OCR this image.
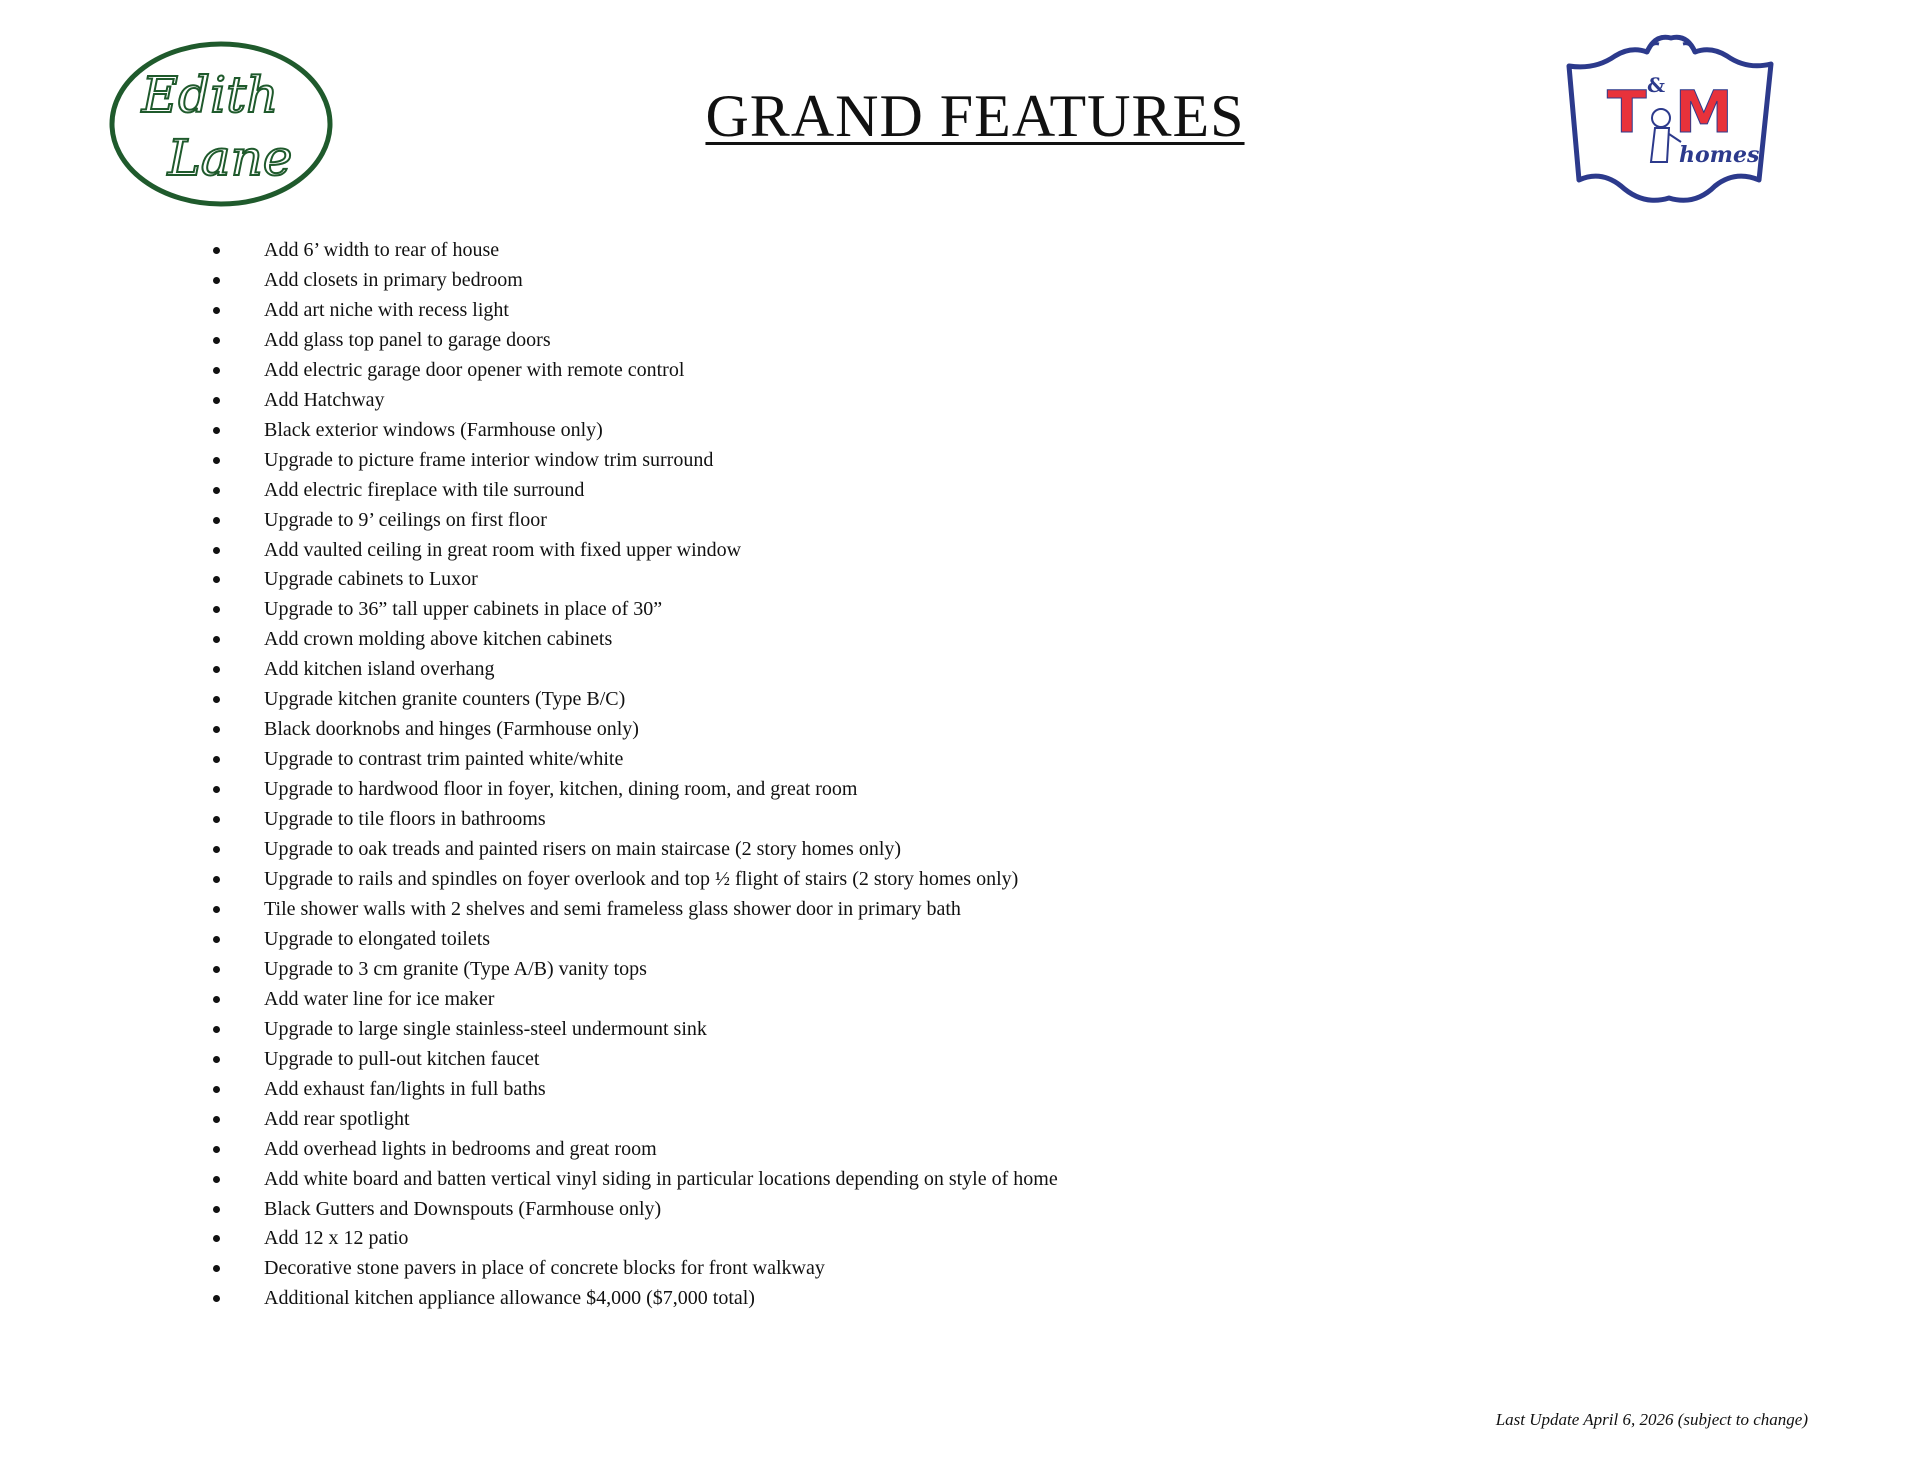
Edith
Lane
GRAND FEATURES	T & M
homes
Add 6’ width to rear of house
Add closets in primary bedroom
Add art niche with recess light
Add glass top panel to garage doors
Add electric garage door opener with remote control
Add Hatchway
Black exterior windows (Farmhouse only)
Upgrade to picture frame interior window trim surround
Add electric fireplace with tile surround
Upgrade to 9’ ceilings on first floor
Add vaulted ceiling in great room with fixed upper window
Upgrade cabinets to Luxor
Upgrade to 36” tall upper cabinets in place of 30”
Add crown molding above kitchen cabinets
Add kitchen island overhang
Upgrade kitchen granite counters (Type B/C)
Black doorknobs and hinges (Farmhouse only)
Upgrade to contrast trim painted white/white
Upgrade to hardwood floor in foyer, kitchen, dining room, and great room
Upgrade to tile floors in bathrooms
Upgrade to oak treads and painted risers on main staircase (2 story homes only)
Upgrade to rails and spindles on foyer overlook and top ½ flight of stairs (2 story homes only)
Tile shower walls with 2 shelves and semi frameless glass shower door in primary bath
Upgrade to elongated toilets
Upgrade to 3 cm granite (Type A/B) vanity tops
Add water line for ice maker
Upgrade to large single stainless-steel undermount sink
Upgrade to pull-out kitchen faucet
Add exhaust fan/lights in full baths
Add rear spotlight
Add overhead lights in bedrooms and great room
Add white board and batten vertical vinyl siding in particular locations depending on style of home
Black Gutters and Downspouts (Farmhouse only)
Add 12 x 12 patio
Decorative stone pavers in place of concrete blocks for front walkway
Additional kitchen appliance allowance $4,000 ($7,000 total)
Last Update April 6, 2026 (subject to change)
